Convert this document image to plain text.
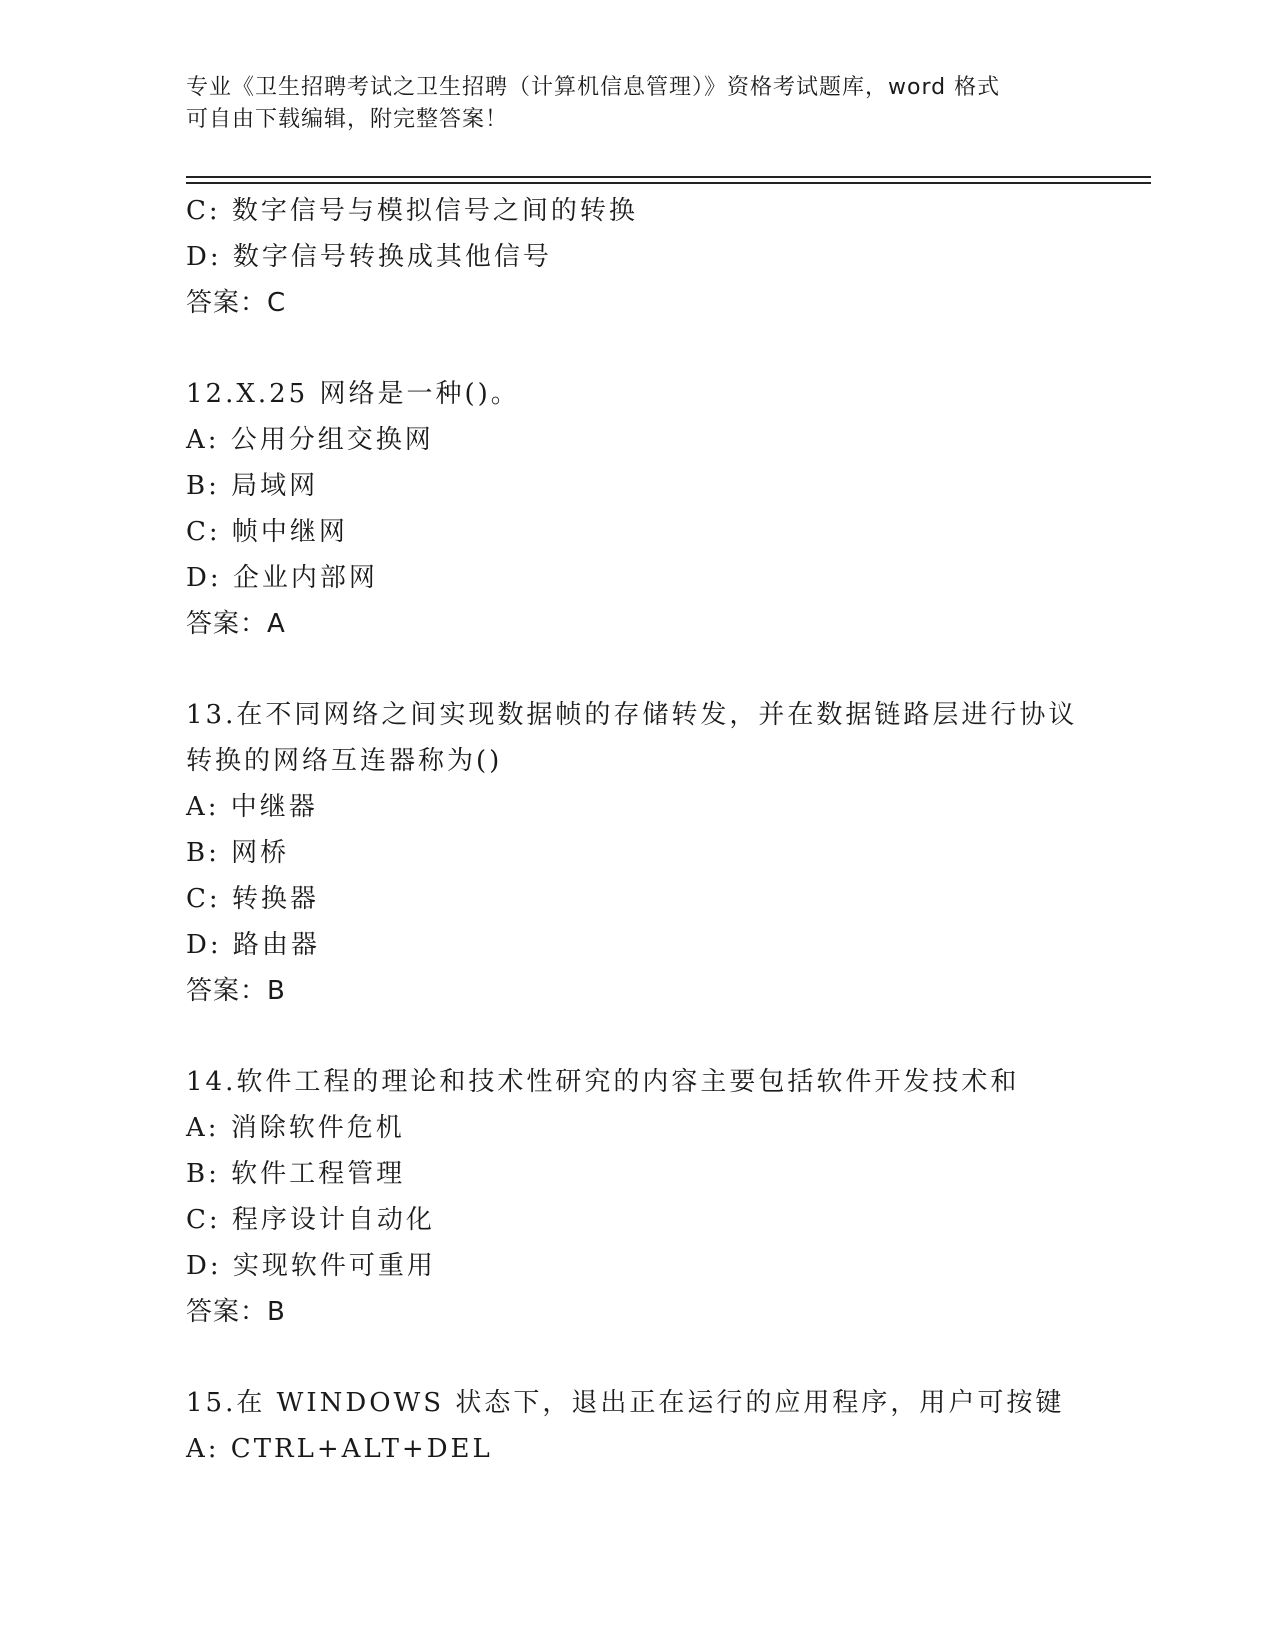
专业《卫生招聘考试之卫生招聘（计算机信息管理）》资格考试题库，word 格式
可自由下载编辑，附完整答案！
C: 数字信号与模拟信号之间的转换
D: 数字信号转换成其他信号
答案：C
12.X.25 网络是一种()。
A: 公用分组交换网
B: 局域网
C: 帧中继网
D: 企业内部网
答案：A
13.在不同网络之间实现数据帧的存储转发，并在数据链路层进行协议
转换的网络互连器称为()
A: 中继器
B: 网桥
C: 转换器
D: 路由器
答案：B
14.软件工程的理论和技术性研究的内容主要包括软件开发技术和
A: 消除软件危机
B: 软件工程管理
C: 程序设计自动化
D: 实现软件可重用
答案：B
15.在 WINDOWS 状态下，退出正在运行的应用程序，用户可按键
A: CTRL+ALT+DEL
